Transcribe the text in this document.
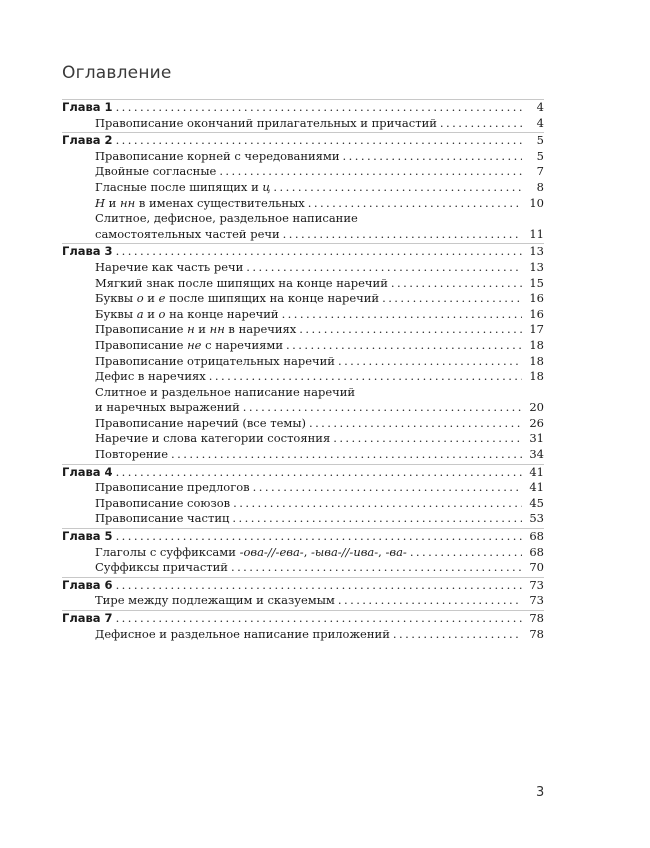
Оглавление
Глава 1 . . .	4
Правописание окончаний прилагательных и причастий . . .	4
Глава 2 . . .	5
Правописание корней с чередованиями . . .	5
Двойные согласные . . .	7
Гласные после шипящих и ц . . .	8
Н и нн в именах существительных . . .	10
Слитное, дефисное, раздельное написание
самостоятельных частей речи . . .	11
Глава 3 . . .	13
Наречие как часть речи . . .	13
Мягкий знак после шипящих на конце наречий . . .	15
Буквы о и е после шипящих на конце наречий . . .	16
Буквы а и о на конце наречий . . .	16
Правописание н и нн в наречиях . . .	17
Правописание не с наречиями . . .	18
Правописание отрицательных наречий . . .	18
Дефис в наречиях . . .	18
Слитное и раздельное написание наречий
и наречных выражений . . .	20
Правописание наречий (все темы) . . .	26
Наречие и слова категории состояния . . .	31
Повторение . . .	34
Глава 4 . . .	41
Правописание предлогов . . .	41
Правописание союзов . . .	45
Правописание частиц . . .	53
Глава 5 . . .	68
Глаголы с суффиксами -ова-//-ева-, -ыва-//-ива-, -ва- . . .	68
Суффиксы причастий . . .	70
Глава 6 . . .	73
Тире между подлежащим и сказуемым . . .	73
Глава 7 . . .	78
Дефисное и раздельное написание приложений . . .	78
3
